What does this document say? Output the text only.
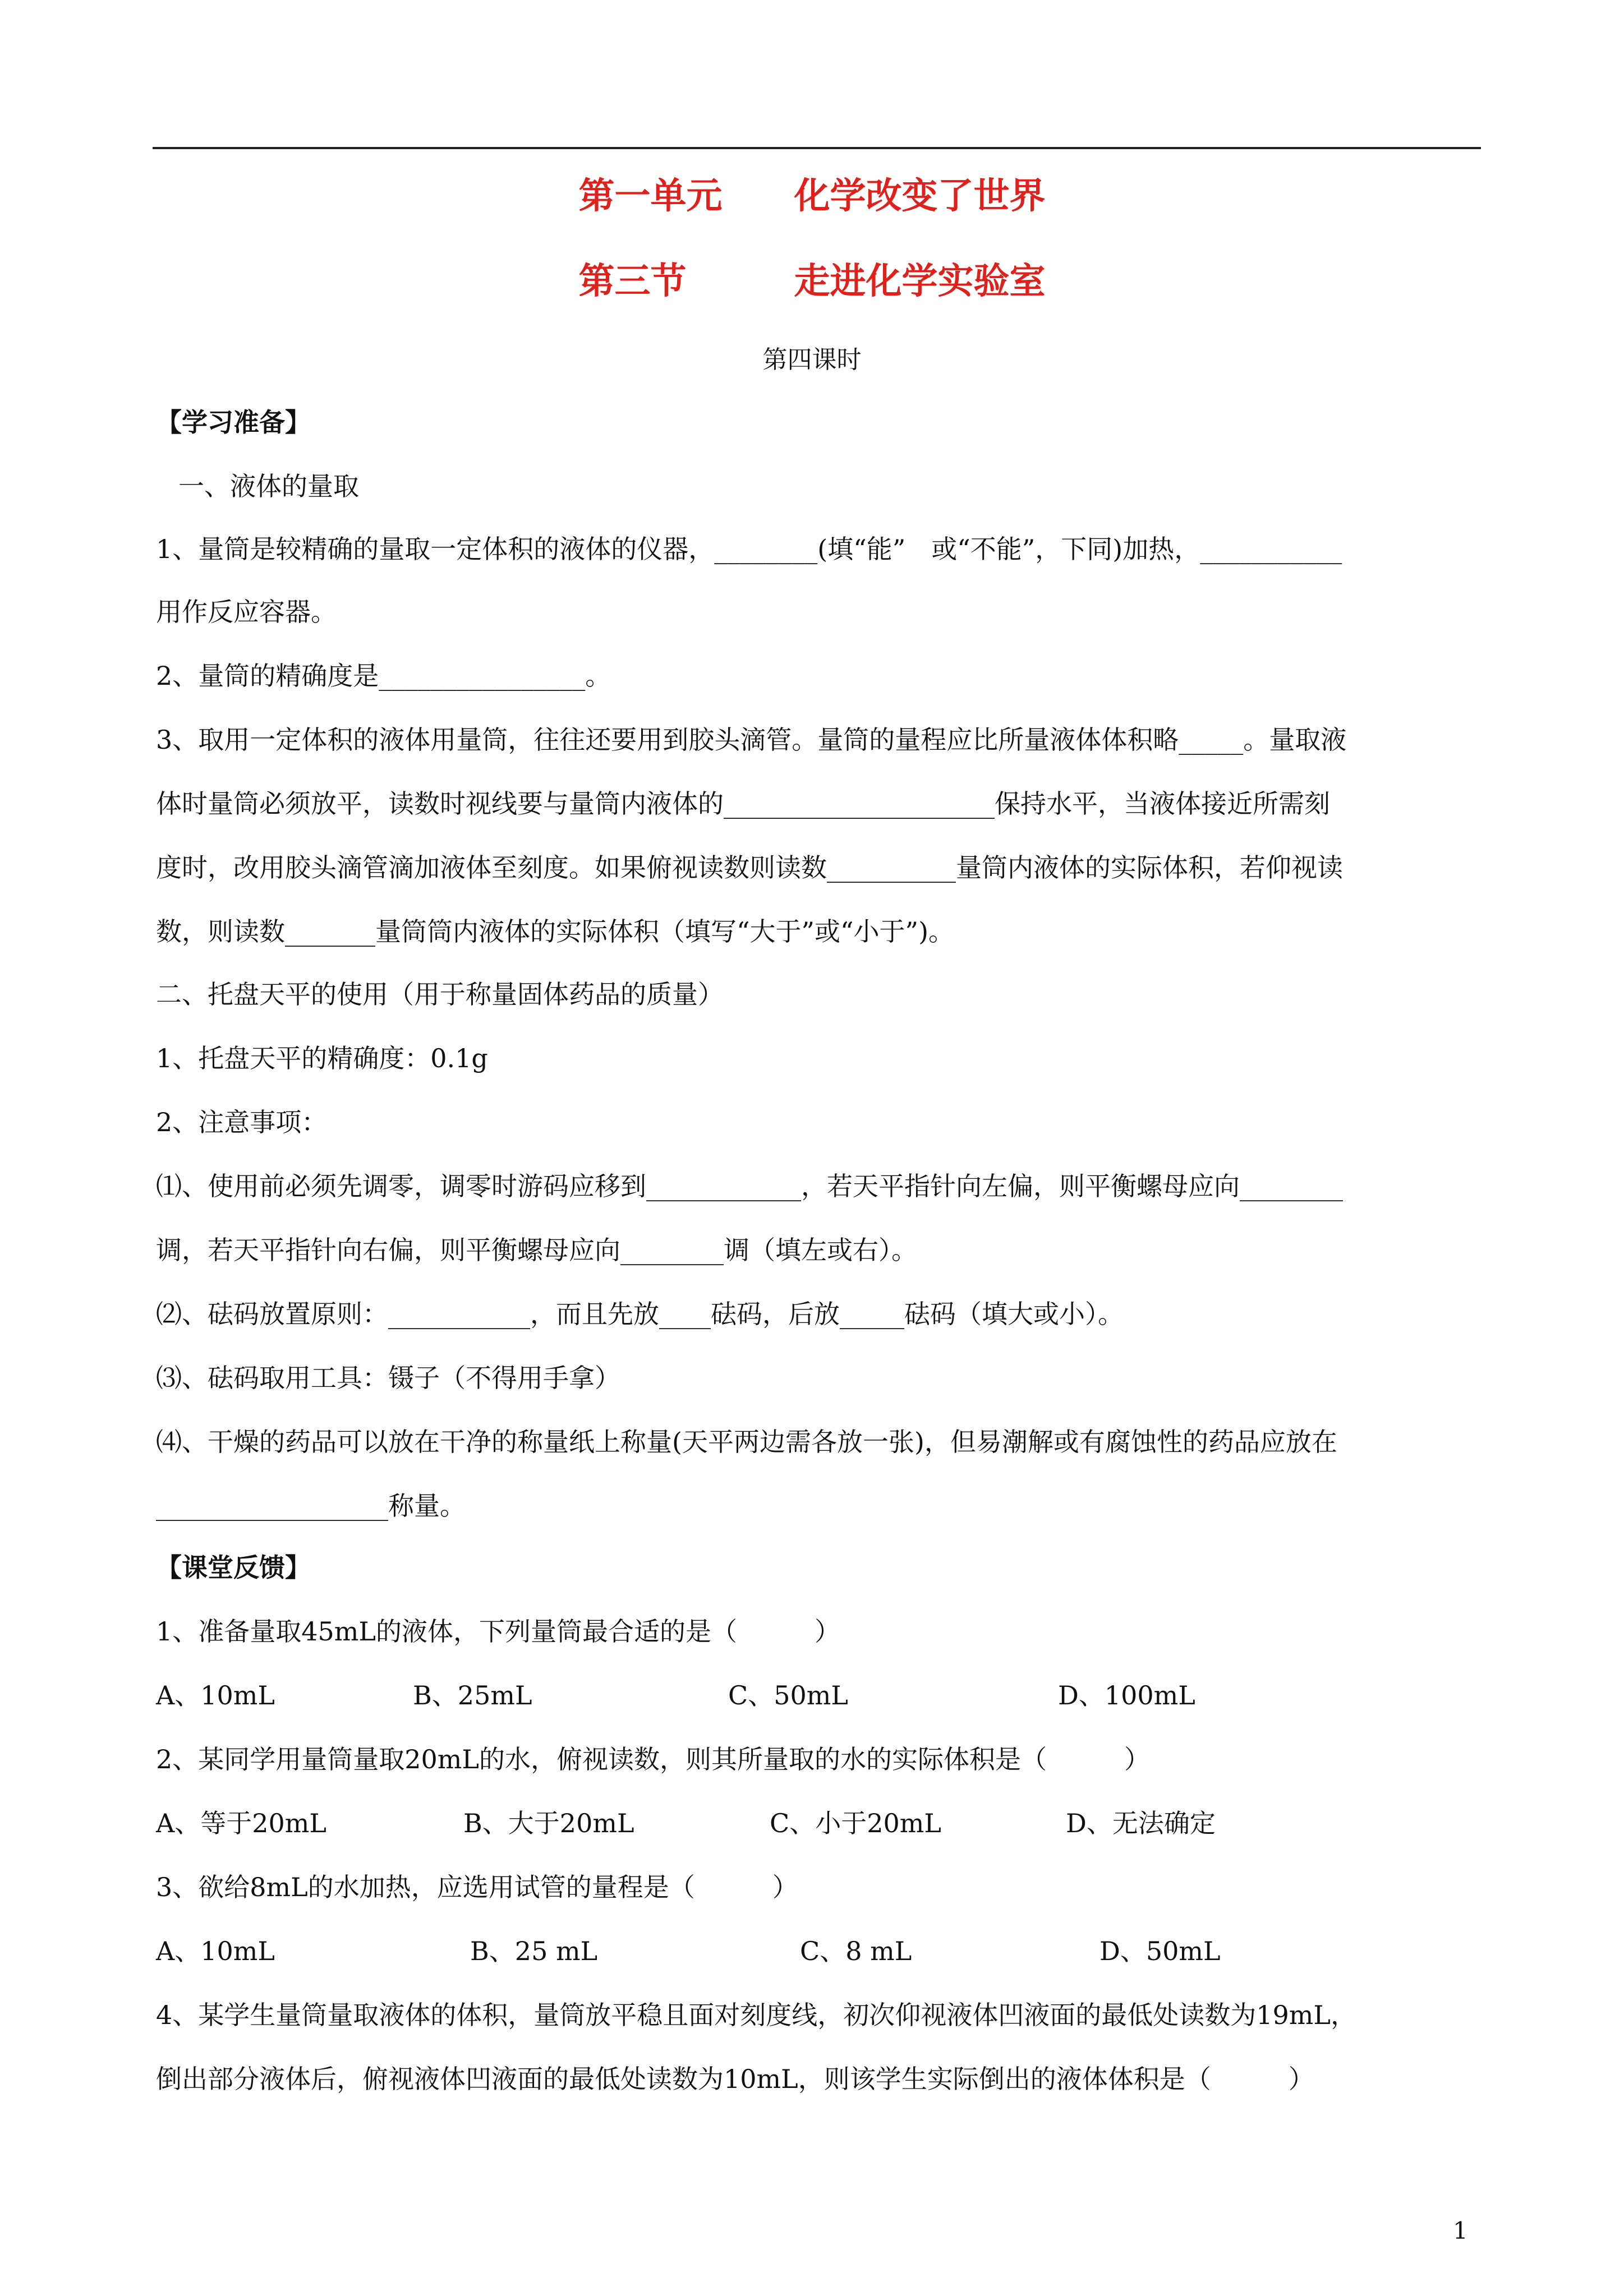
第一单元　　化学改变了世界
第三节　　　走进化学实验室
第四课时
【学习准备】
一、液体的量取
1、量筒是较精确的量取一定体积的液体的仪器，________(填“能”　或“不能”，下同)加热，___________
用作反应容器。
2、量筒的精确度是________________。
3、取用一定体积的液体用量筒，往往还要用到胶头滴管。量筒的量程应比所量液体体积略_____。量取液
体时量筒必须放平，读数时视线要与量筒内液体的_____________________保持水平，当液体接近所需刻
度时，改用胶头滴管滴加液体至刻度。如果俯视读数则读数__________量筒内液体的实际体积，若仰视读
数，则读数_______量筒筒内液体的实际体积（填写“大于”或“小于”)。
二、托盘天平的使用（用于称量固体药品的质量）
1、托盘天平的精确度：0.1g
2、注意事项：
⑴、使用前必须先调零，调零时游码应移到____________，若天平指针向左偏，则平衡螺母应向________
调，若天平指针向右偏，则平衡螺母应向________调（填左或右）。
⑵、砝码放置原则：___________，而且先放____砝码，后放_____砝码（填大或小）。
⑶、砝码取用工具：镊子（不得用手拿）
⑷、干燥的药品可以放在干净的称量纸上称量(天平两边需各放一张)，但易潮解或有腐蚀性的药品应放在
__________________称量。
【课堂反馈】
1、准备量取45mL的液体，下列量筒最合适的是（　　　）
A、10mL	B、25mL	C、50mL	D、100mL
2、某同学用量筒量取20mL的水，俯视读数，则其所量取的水的实际体积是（　　　）
A、等于20mL	B、大于20mL	C、小于20mL	D、无法确定
3、欲给8mL的水加热，应选用试管的量程是（　　　）
A、10mL	B、25 mL	C、8 mL	D、50mL
4、某学生量筒量取液体的体积，量筒放平稳且面对刻度线，初次仰视液体凹液面的最低处读数为19mL，
倒出部分液体后，俯视液体凹液面的最低处读数为10mL，则该学生实际倒出的液体体积是（　　　）
1
